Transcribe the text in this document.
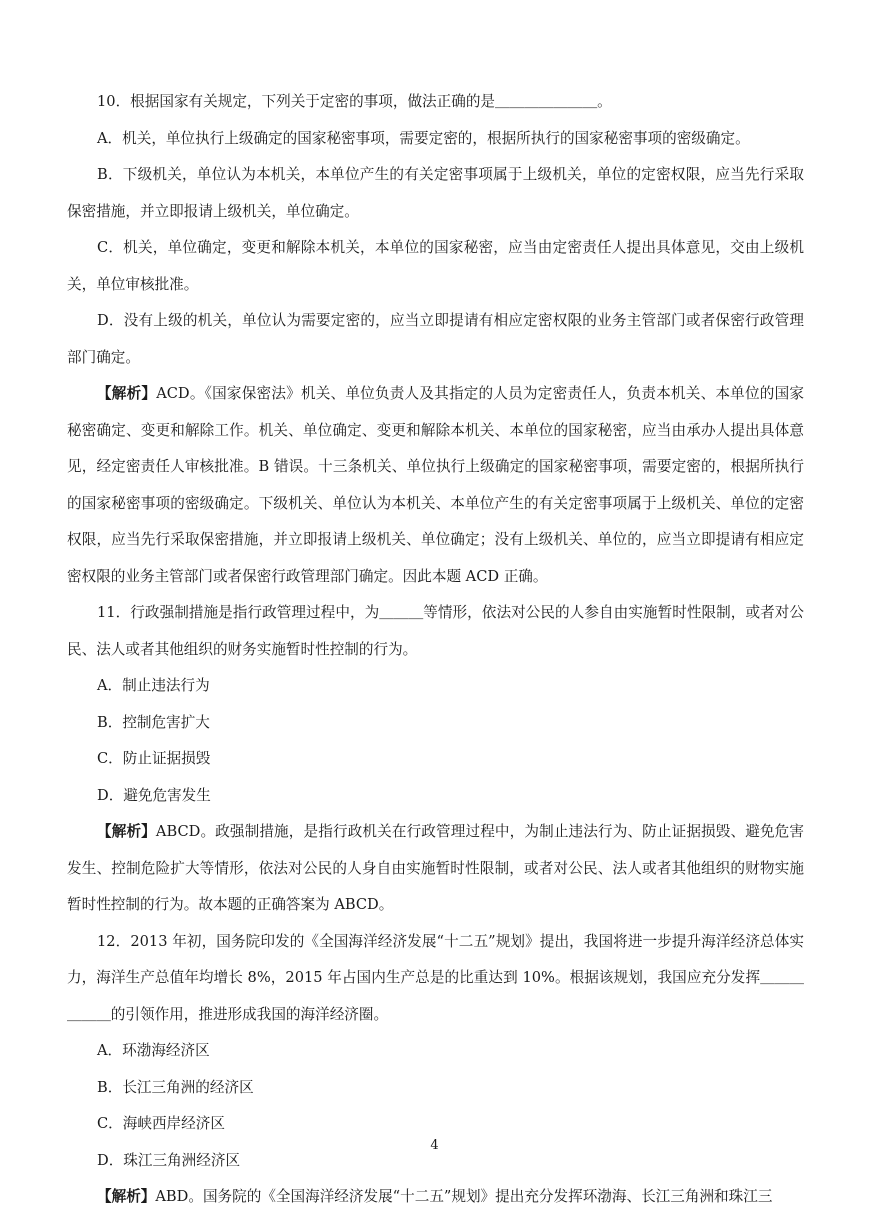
10．根据国家有关规定，下列关于定密的事项，做法正确的是＿＿＿＿＿＿＿。

A．机关，单位执行上级确定的国家秘密事项，需要定密的，根据所执行的国家秘密事项的密级确定。

B．下级机关，单位认为本机关，本单位产生的有关定密事项属于上级机关，单位的定密权限，应当先行采取保密措施，并立即报请上级机关，单位确定。

C．机关，单位确定，变更和解除本机关，本单位的国家秘密，应当由定密责任人提出具体意见，交由上级机关，单位审核批准。

D．没有上级的机关，单位认为需要定密的，应当立即提请有相应定密权限的业务主管部门或者保密行政管理部门确定。

【解析】ACD。《国家保密法》机关、单位负责人及其指定的人员为定密责任人，负责本机关、本单位的国家秘密确定、变更和解除工作。机关、单位确定、变更和解除本机关、本单位的国家秘密，应当由承办人提出具体意见，经定密责任人审核批准。B 错误。十三条机关、单位执行上级确定的国家秘密事项，需要定密的，根据所执行的国家秘密事项的密级确定。下级机关、单位认为本机关、本单位产生的有关定密事项属于上级机关、单位的定密权限，应当先行采取保密措施，并立即报请上级机关、单位确定；没有上级机关、单位的，应当立即提请有相应定密权限的业务主管部门或者保密行政管理部门确定。因此本题 ACD 正确。

11．行政强制措施是指行政管理过程中，为＿＿＿等情形，依法对公民的人参自由实施暂时性限制，或者对公民、法人或者其他组织的财务实施暂时性控制的行为。

A．制止违法行为

B．控制危害扩大

C．防止证据损毁

D．避免危害发生

【解析】ABCD。政强制措施，是指行政机关在行政管理过程中，为制止违法行为、防止证据损毁、避免危害发生、控制危险扩大等情形，依法对公民的人身自由实施暂时性限制，或者对公民、法人或者其他组织的财物实施暂时性控制的行为。故本题的正确答案为 ABCD。

12．2013 年初，国务院印发的《全国海洋经济发展“十二五”规划》提出，我国将进一步提升海洋经济总体实力，海洋生产总值年均增长 8%，2015 年占国内生产总是的比重达到 10%。根据该规划，我国应充分发挥＿＿＿＿＿＿的引领作用，推进形成我国的海洋经济圈。

A．环渤海经济区

B．长江三角洲的经济区

C．海峡西岸经济区

D．珠江三角洲经济区

【解析】ABD。国务院的《全国海洋经济发展“十二五”规划》提出充分发挥环渤海、长江三角洲和珠江三

4
